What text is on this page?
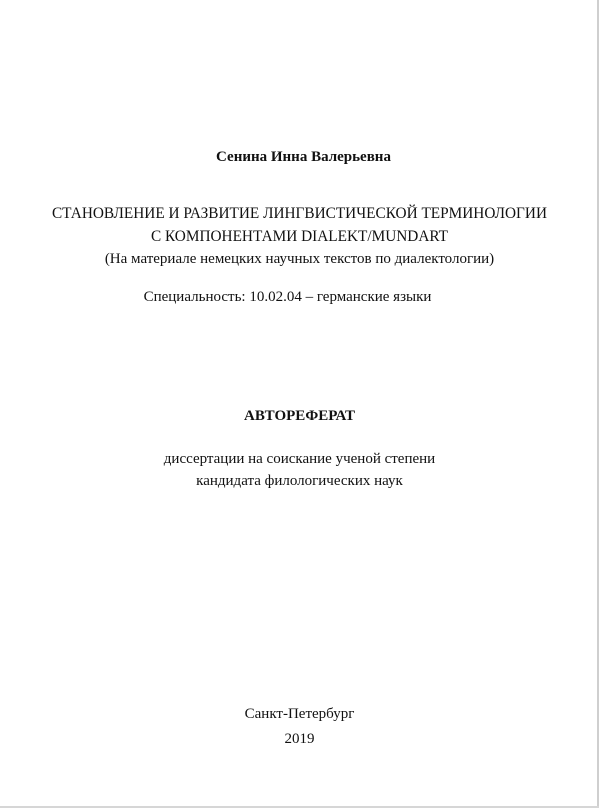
Сенина Инна Валерьевна
СТАНОВЛЕНИЕ И РАЗВИТИЕ ЛИНГВИСТИЧЕСКОЙ ТЕРМИНОЛОГИИ
С КОМПОНЕНТАМИ DIALEKT/MUNDART
(На материале немецких научных текстов по диалектологии)
Специальность: 10.02.04 – германские языки
АВТОРЕФЕРАТ
диссертации на соискание ученой степени
кандидата филологических наук
Санкт-Петербург
2019
